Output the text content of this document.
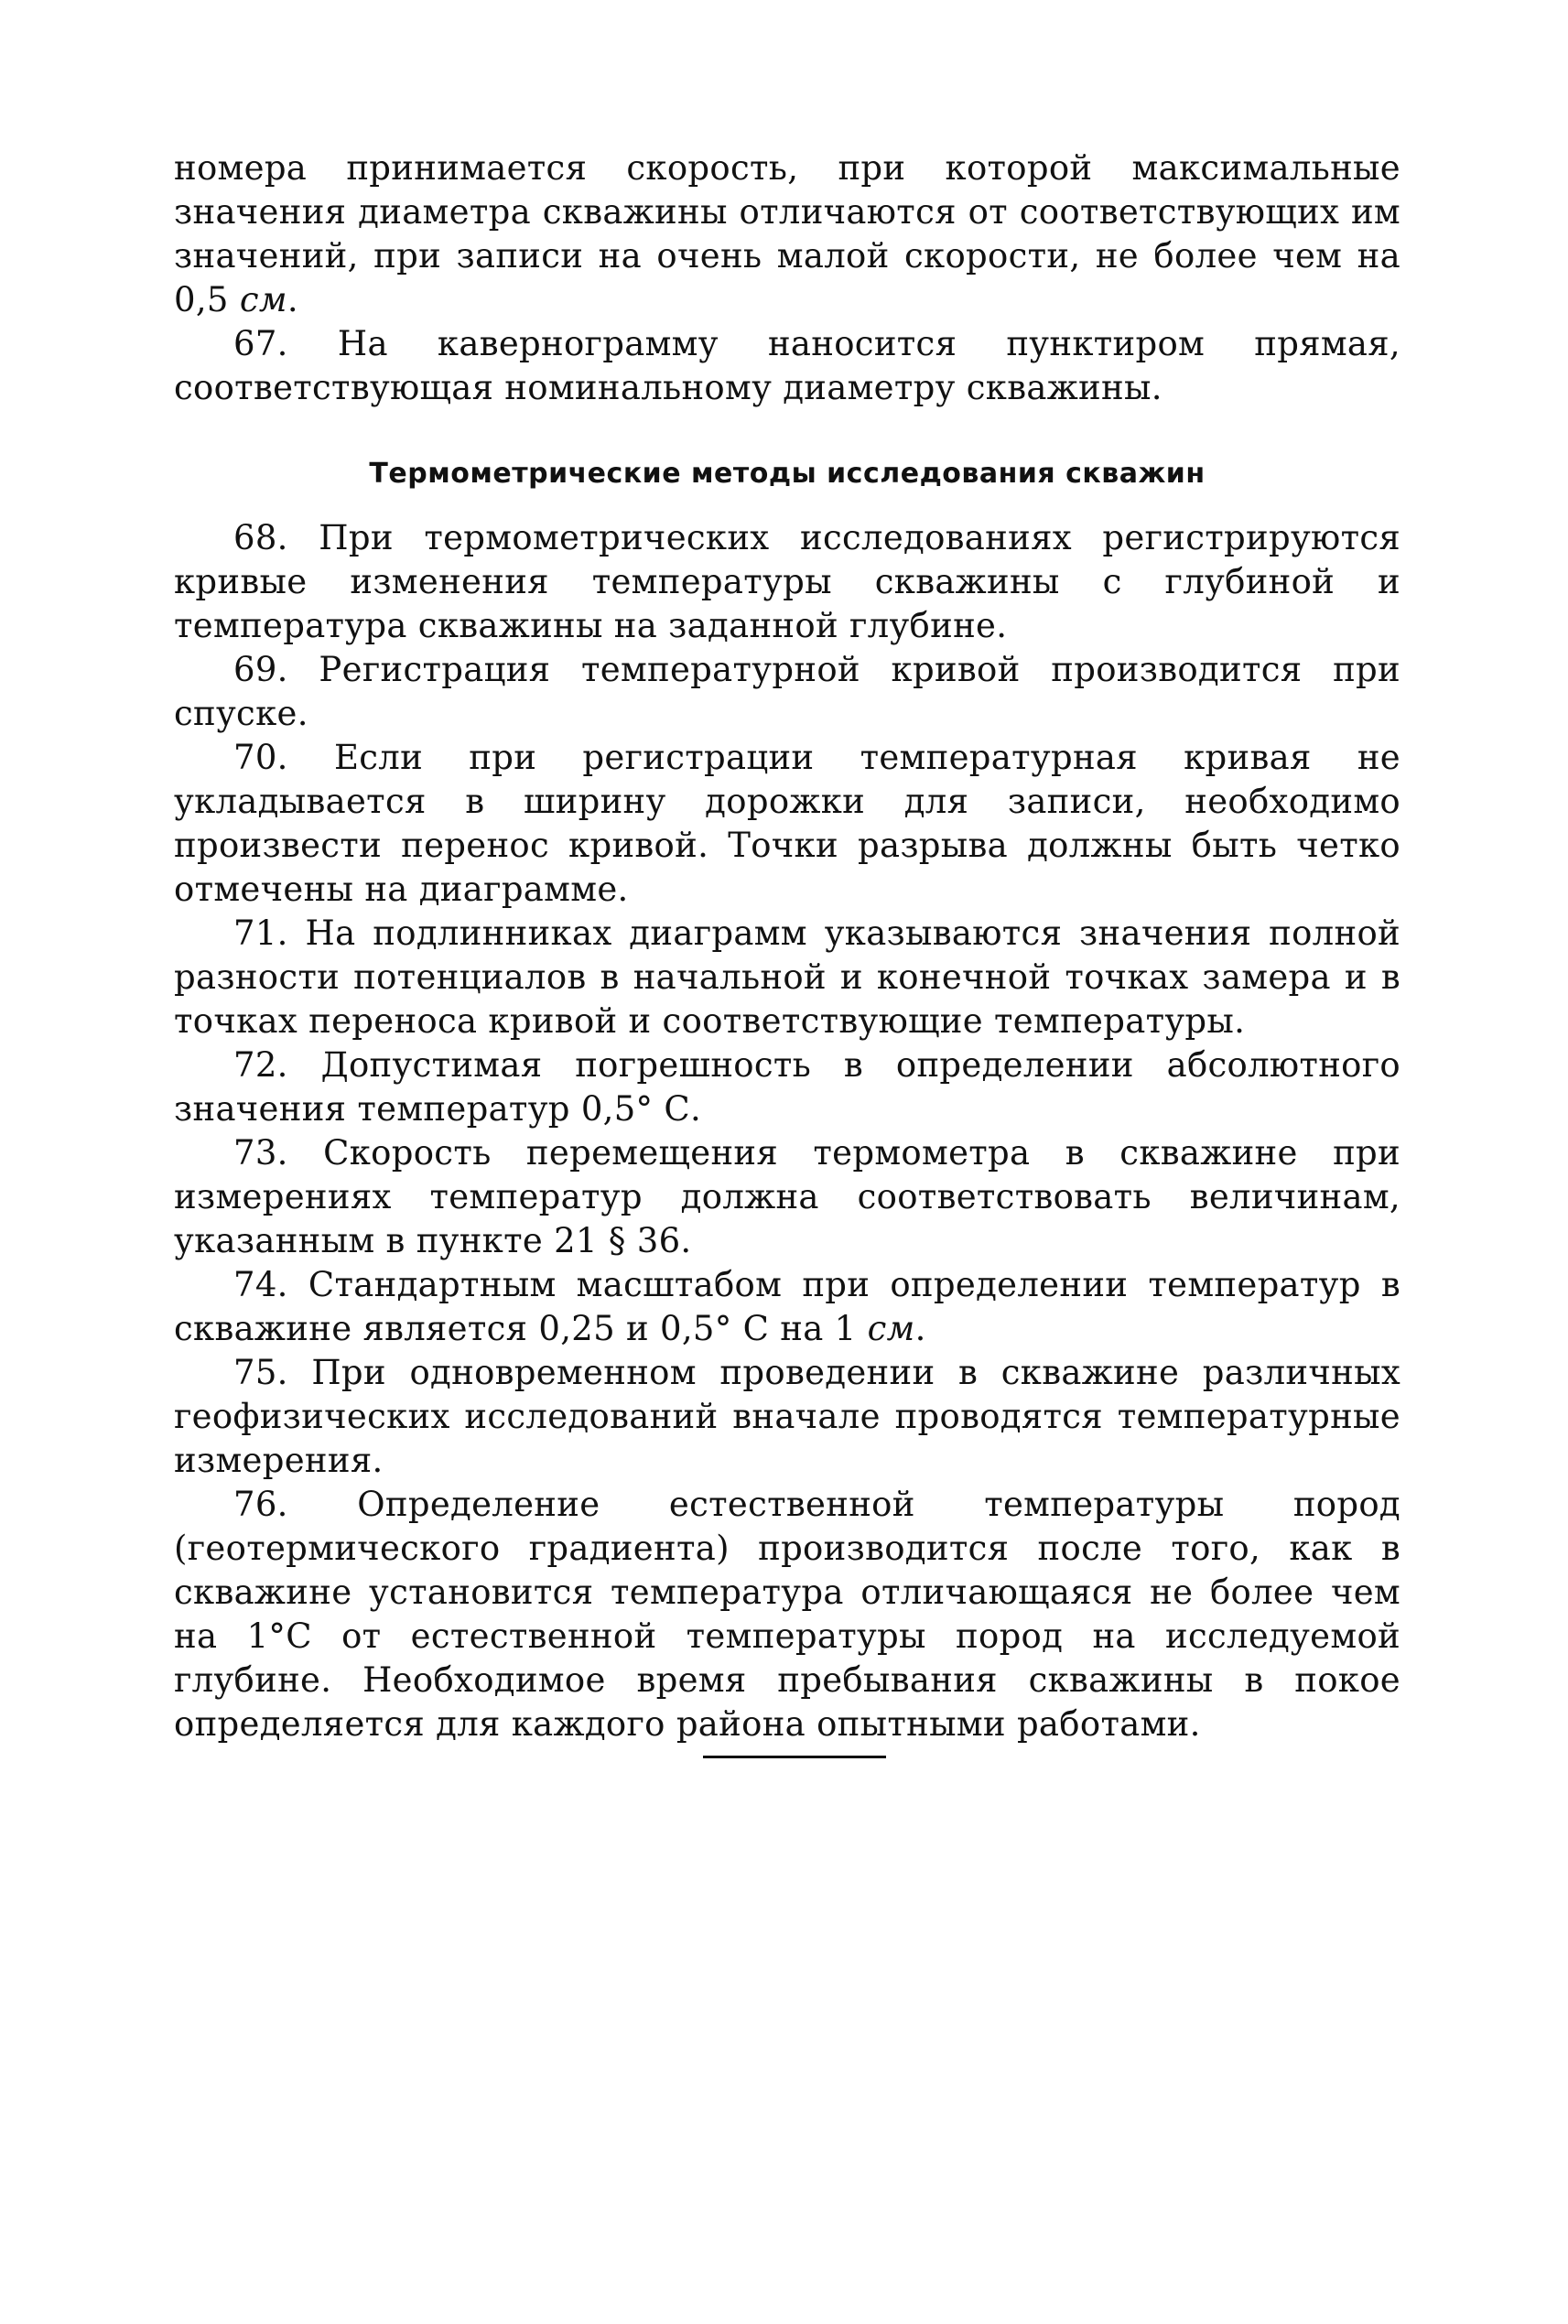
номера принимается скорость, при которой максимальные значения диаметра скважины отличаются от соответствующих им значений, при записи на очень малой скорости, не более чем на 0,5 см.

67. На кавернограмму наносится пунктиром прямая, соответствующая номинальному диаметру скважины.

Термометрические методы исследования скважин

68. При термометрических исследованиях регистрируются кривые изменения температуры скважины с глубиной и температура скважины на заданной глубине.

69. Регистрация температурной кривой производится при спуске.

70. Если при регистрации температурная кривая не укладывается в ширину дорожки для записи, необходимо произвести перенос кривой. Точки разрыва должны быть четко отмечены на диаграмме.

71. На подлинниках диаграмм указываются значения полной разности потенциалов в начальной и конечной точках замера и в точках переноса кривой и соответствующие температуры.

72. Допустимая погрешность в определении абсолютного значения температур 0,5° С.

73. Скорость перемещения термометра в скважине при измерениях температур должна соответствовать величинам, указанным в пункте 21 § 36.

74. Стандартным масштабом при определении температур в скважине является 0,25 и 0,5° С на 1 см.

75. При одновременном проведении в скважине различных геофизических исследований вначале проводятся температурные измерения.

76. Определение естественной температуры пород (геотермического градиента) производится после того, как в скважине установится температура отличающаяся не более чем на 1°С от естественной температуры пород на исследуемой глубине. Необходимое время пребывания скважины в покое определяется для каждого района опытными работами.
